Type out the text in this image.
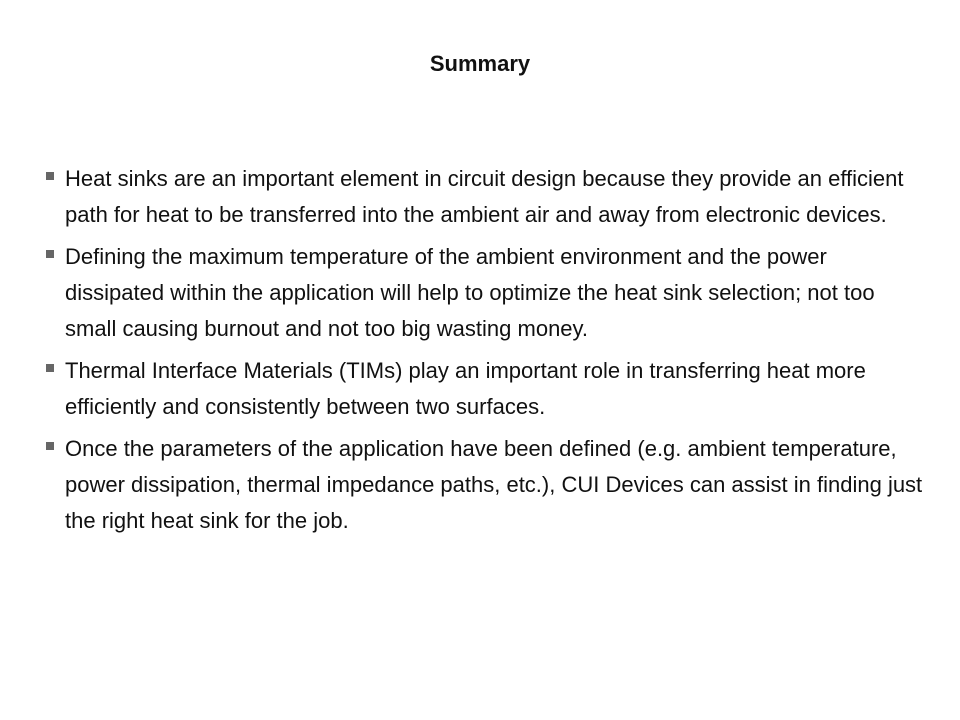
Summary
Heat sinks are an important element in circuit design because they provide an efficient path for heat to be transferred into the ambient air and away from electronic devices.
Defining the maximum temperature of the ambient environment and the power dissipated within the application will help to optimize the heat sink selection; not too small causing burnout and not too big wasting money.
Thermal Interface Materials (TIMs) play an important role in transferring heat more efficiently and consistently between two surfaces.
Once the parameters of the application have been defined (e.g. ambient temperature, power dissipation, thermal impedance paths, etc.), CUI Devices can assist in finding just the right heat sink for the job.
